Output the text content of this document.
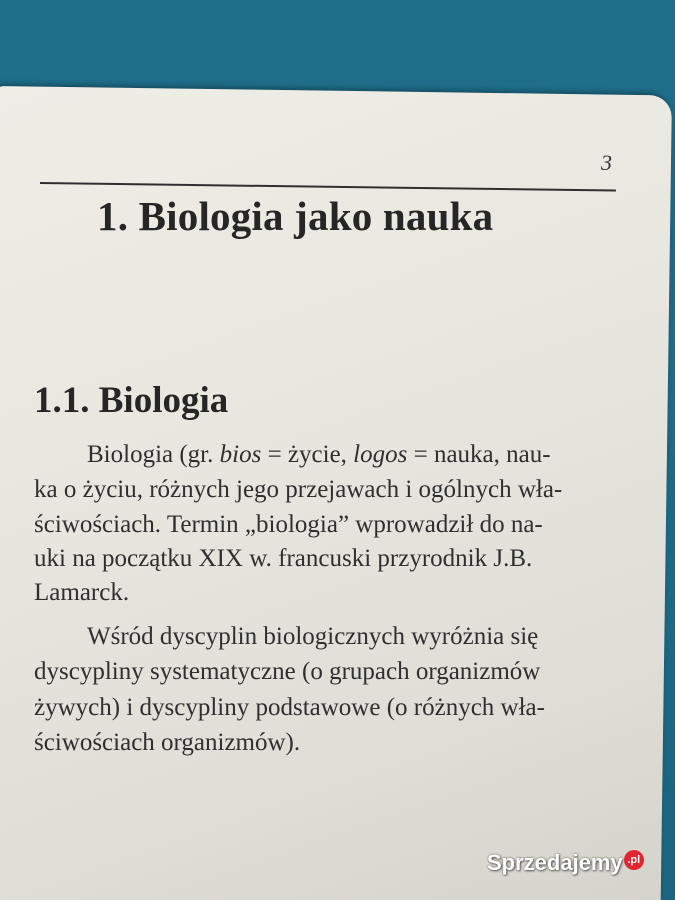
3
1. Biologia jako nauka
1.1. Biologia
Biologia (gr. bios = życie, logos = nauka, nau-
ka o życiu, różnych jego przejawach i ogólnych wła-
ściwościach. Termin „biologia” wprowadził do na-
uki na początku XIX w. francuski przyrodnik J.B.
Lamarck.
Wśród dyscyplin biologicznych wyróżnia się
dyscypliny systematyczne (o grupach organizmów
żywych) i dyscypliny podstawowe (o różnych wła-
ściwościach organizmów).
Sprzedajemy .pl
